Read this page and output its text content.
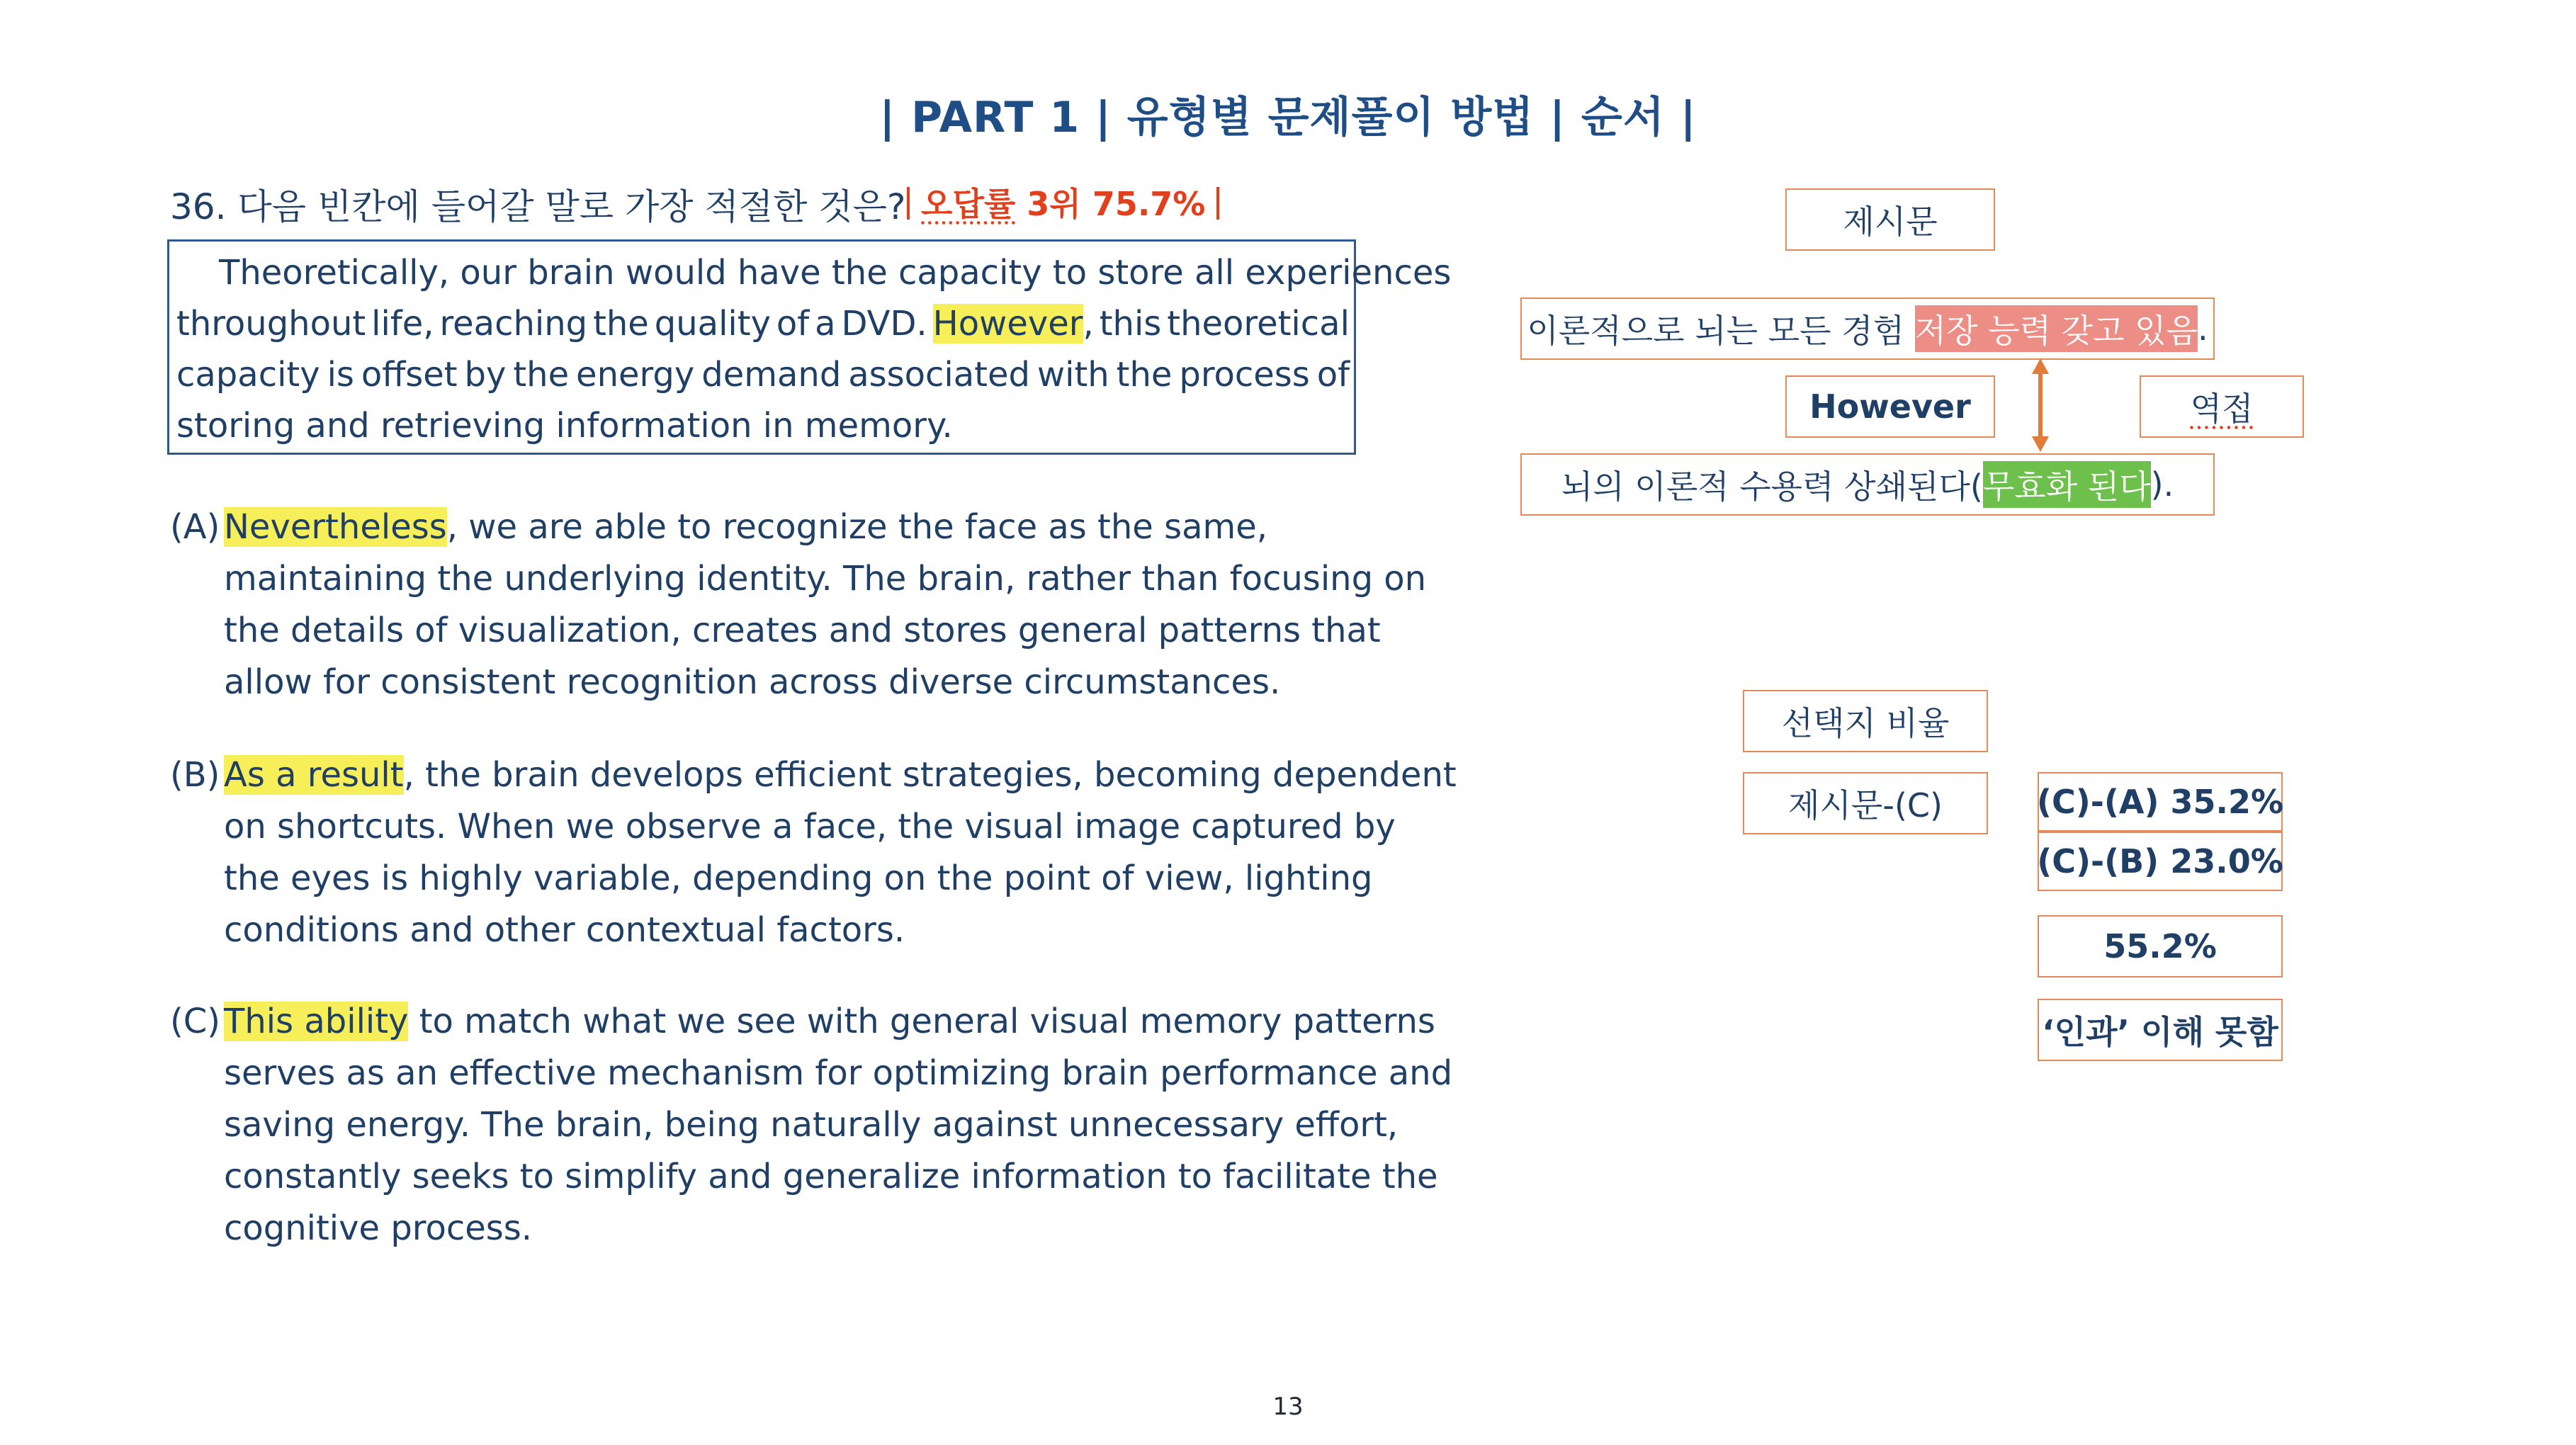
| PART 1 | 유형별 문제풀이 방법 | 순서 |
36. 다음 빈칸에 들어갈 말로 가장 적절한 것은? 오답률 3위 75.7%
Theoretically, our brain would have the capacity to store all experiences
throughout life, reaching the quality of a DVD. However, this theoretical
capacity is offset by the energy demand associated with the process of
storing and retrieving information in memory.
(A) Nevertheless, we are able to recognize the face as the same,
maintaining the underlying identity. The brain, rather than focusing on
the details of visualization, creates and stores general patterns that
allow for consistent recognition across diverse circumstances.
(B) As a result, the brain develops efficient strategies, becoming dependent
on shortcuts. When we observe a face, the visual image captured by
the eyes is highly variable, depending on the point of view, lighting
conditions and other contextual factors.
(C) This ability to match what we see with general visual memory patterns
serves as an effective mechanism for optimizing brain performance and
saving energy. The brain, being naturally against unnecessary effort,
constantly seeks to simplify and generalize information to facilitate the
cognitive process.
제시문
이론적으로 뇌는 모든 경험 저장 능력 갖고 있음 .
However	역접
뇌의 이론적 수용력 상쇄된다( 무효화 된다 ).
선택지 비율
제시문-(C)	(C)-(A) 35.2%
(C)-(B) 23.0%
55.2%
‘인과’ 이해 못함
13
